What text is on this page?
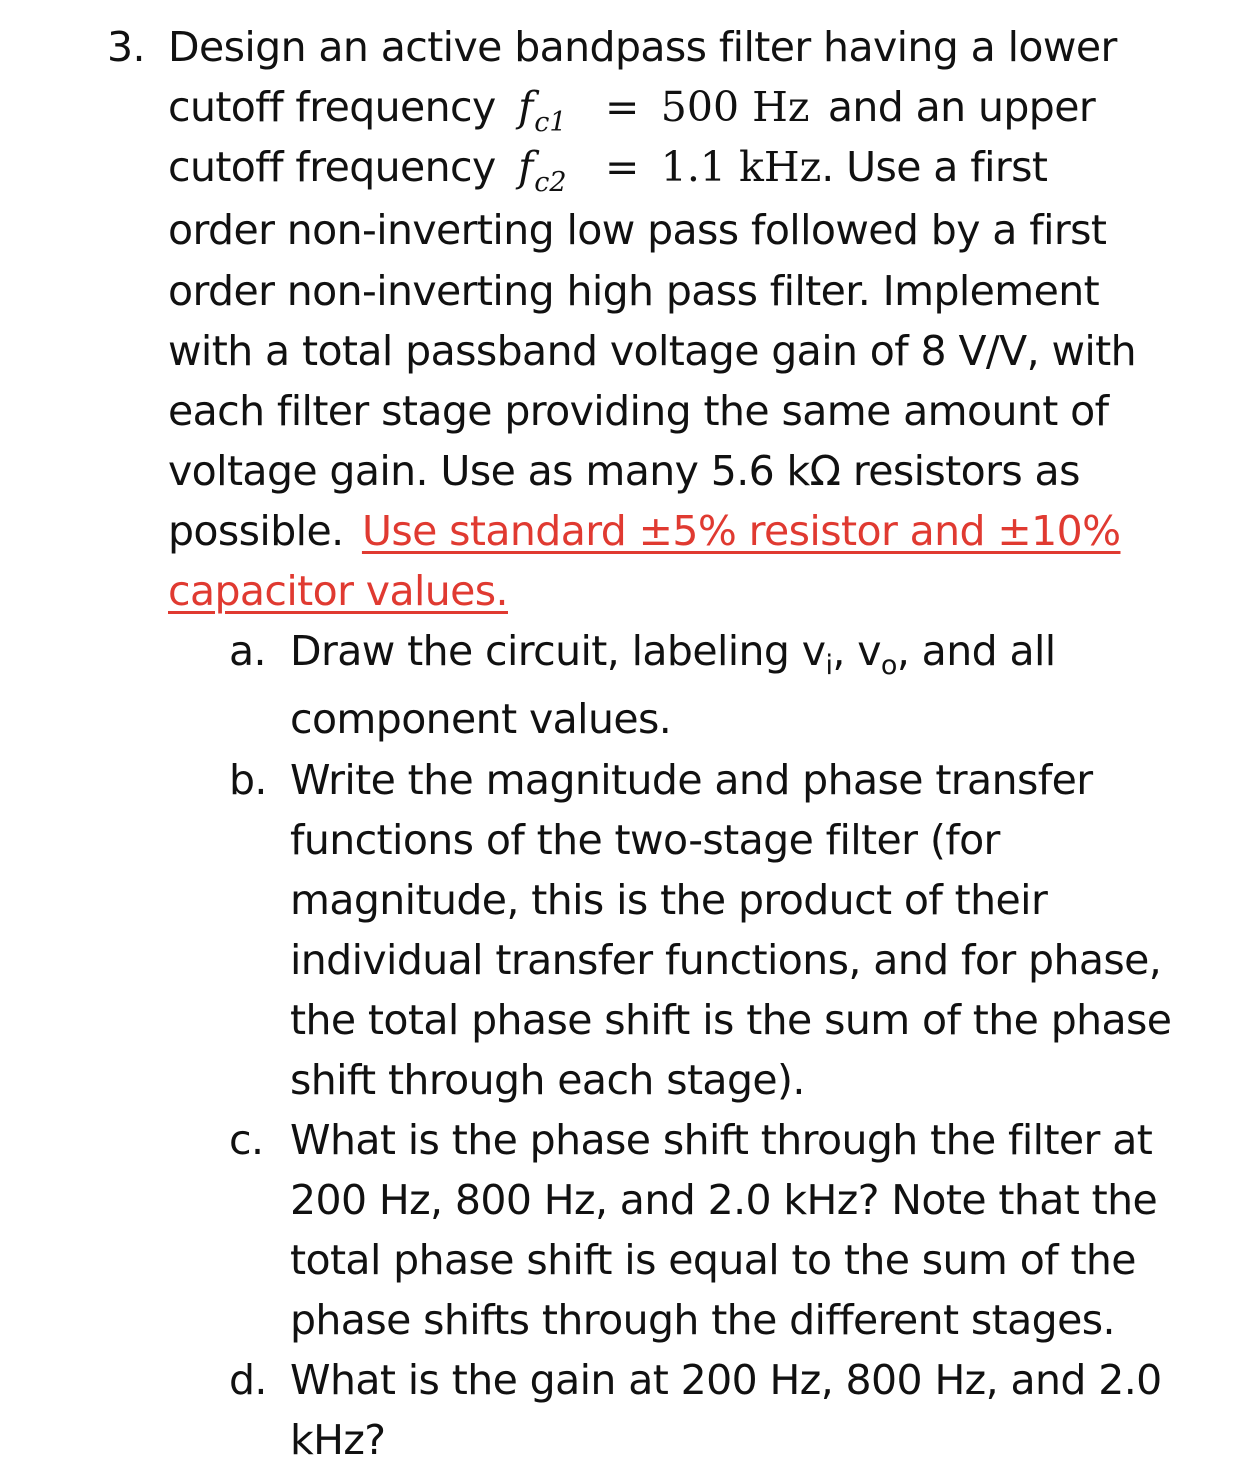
3. Design an active bandpass filter having a lower
cutoff frequency $f_{c1} = 500$ Hz and an upper
cutoff frequency $f_{c2} = 1.1$ kHz. Use a first
order non-inverting low pass followed by a first
order non-inverting high pass filter. Implement
with a total passband voltage gain of 8 V/V, with
each filter stage providing the same amount of
voltage gain. Use as many 5.6 kΩ resistors as
possible. Use standard ±5% resistor and ±10%
capacitor values.
a. Draw the circuit, labeling $v_i$, $v_o$, and all
component values.
b. Write the magnitude and phase transfer
functions of the two-stage filter (for
magnitude, this is the product of their
individual transfer functions, and for phase,
the total phase shift is the sum of the phase
shift through each stage).
c. What is the phase shift through the filter at
200 Hz, 800 Hz, and 2.0 kHz? Note that the
total phase shift is equal to the sum of the
phase shifts through the different stages.
d. What is the gain at 200 Hz, 800 Hz, and 2.0
kHz?
